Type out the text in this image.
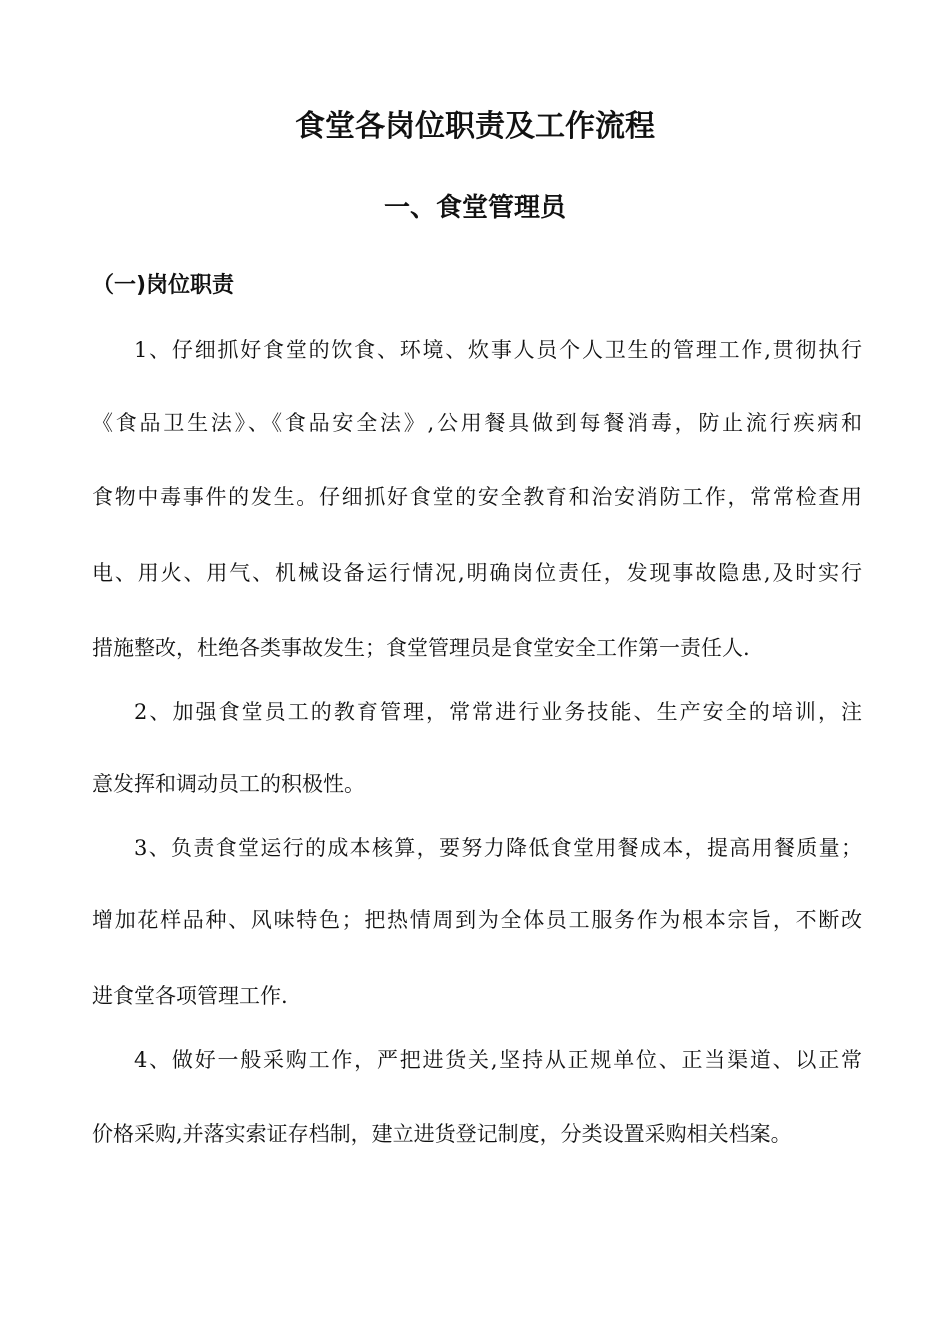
食堂各岗位职责及工作流程
一、食堂管理员
（一)岗位职责
1、仔细抓好食堂的饮食、环境、炊事人员个人卫生的管理工作,贯彻执行
《食品卫生法》、《食品安全法》,公用餐具做到每餐消毒，防止流行疾病和
食物中毒事件的发生。仔细抓好食堂的安全教育和治安消防工作，常常检查用
电、用火、用气、机械设备运行情况,明确岗位责任，发现事故隐患,及时实行
措施整改，杜绝各类事故发生；食堂管理员是食堂安全工作第一责任人.
2、加强食堂员工的教育管理，常常进行业务技能、生产安全的培训，注
意发挥和调动员工的积极性。
3、负责食堂运行的成本核算，要努力降低食堂用餐成本，提高用餐质量；
增加花样品种、风味特色；把热情周到为全体员工服务作为根本宗旨，不断改
进食堂各项管理工作.
4、做好一般采购工作，严把进货关,坚持从正规单位、正当渠道、以正常
价格采购,并落实索证存档制，建立进货登记制度，分类设置采购相关档案。
